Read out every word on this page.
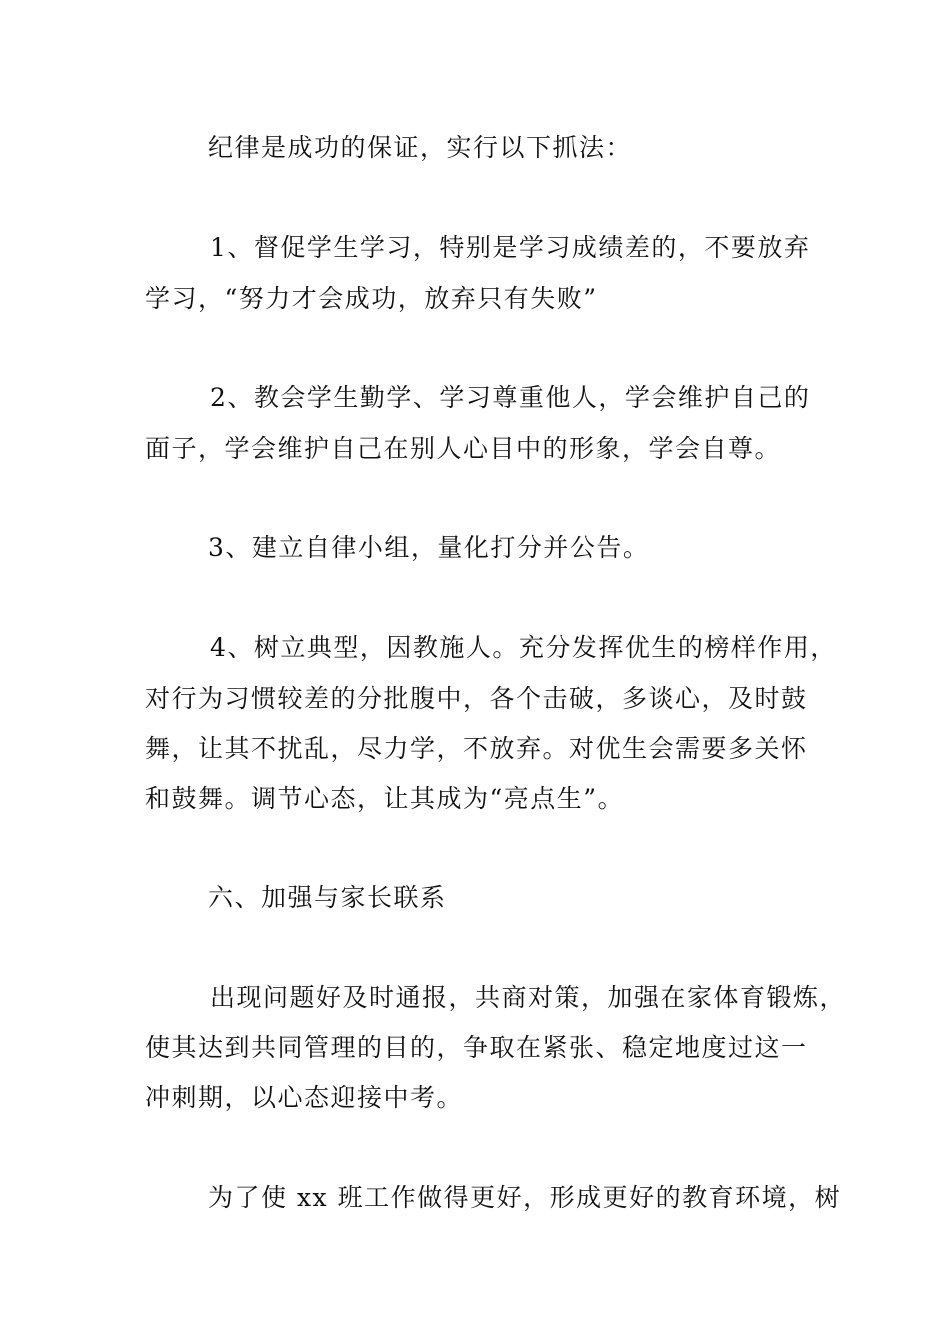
纪律是成功的保证，实行以下抓法：
1、督促学生学习，特别是学习成绩差的，不要放弃
学习，“努力才会成功，放弃只有失败”
2、教会学生勤学、学习尊重他人，学会维护自己的
面子，学会维护自己在别人心目中的形象，学会自尊。
3、建立自律小组，量化打分并公告。
4、树立典型，因教施人。充分发挥优生的榜样作用，
对行为习惯较差的分批腹中，各个击破，多谈心，及时鼓
舞，让其不扰乱，尽力学，不放弃。对优生会需要多关怀
和鼓舞。调节心态，让其成为“亮点生”。
六、加强与家长联系
出现问题好及时通报，共商对策，加强在家体育锻炼，
使其达到共同管理的目的，争取在紧张、稳定地度过这一
冲刺期，以心态迎接中考。
为了使 xx 班工作做得更好，形成更好的教育环境，树
